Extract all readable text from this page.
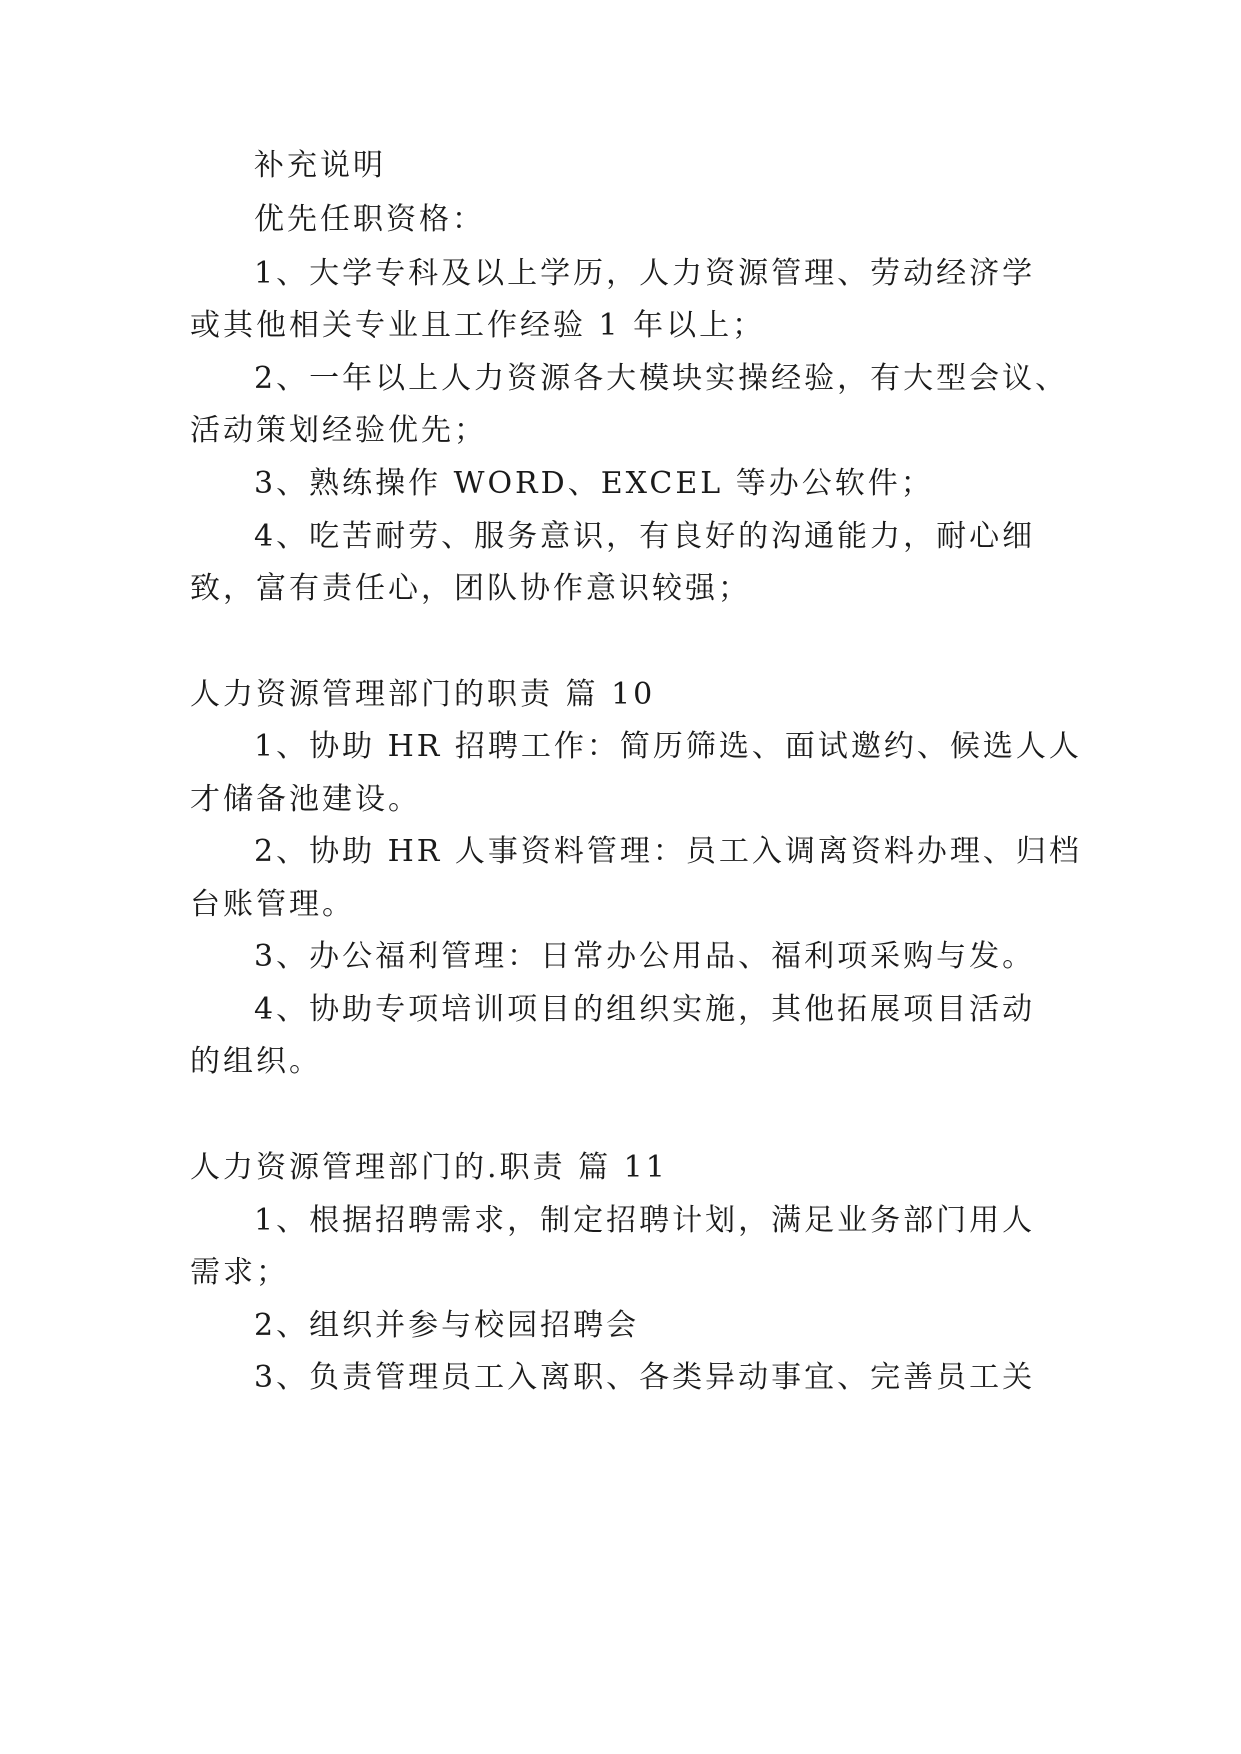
补充说明
优先任职资格：
1、大学专科及以上学历，人力资源管理、劳动经济学
或其他相关专业且工作经验 1 年以上；
2、一年以上人力资源各大模块实操经验，有大型会议、
活动策划经验优先；
3、熟练操作 WORD、EXCEL 等办公软件；
4、吃苦耐劳、服务意识，有良好的沟通能力，耐心细
致，富有责任心，团队协作意识较强；
人力资源管理部门的职责 篇 10
1、协助 HR 招聘工作：简历筛选、面试邀约、候选人人
才储备池建设。
2、协助 HR 人事资料管理：员工入调离资料办理、归档
台账管理。
3、办公福利管理：日常办公用品、福利项采购与发。
4、协助专项培训项目的组织实施，其他拓展项目活动
的组织。
人力资源管理部门的.职责 篇 11
1、根据招聘需求，制定招聘计划，满足业务部门用人
需求；
2、组织并参与校园招聘会
3、负责管理员工入离职、各类异动事宜、完善员工关
